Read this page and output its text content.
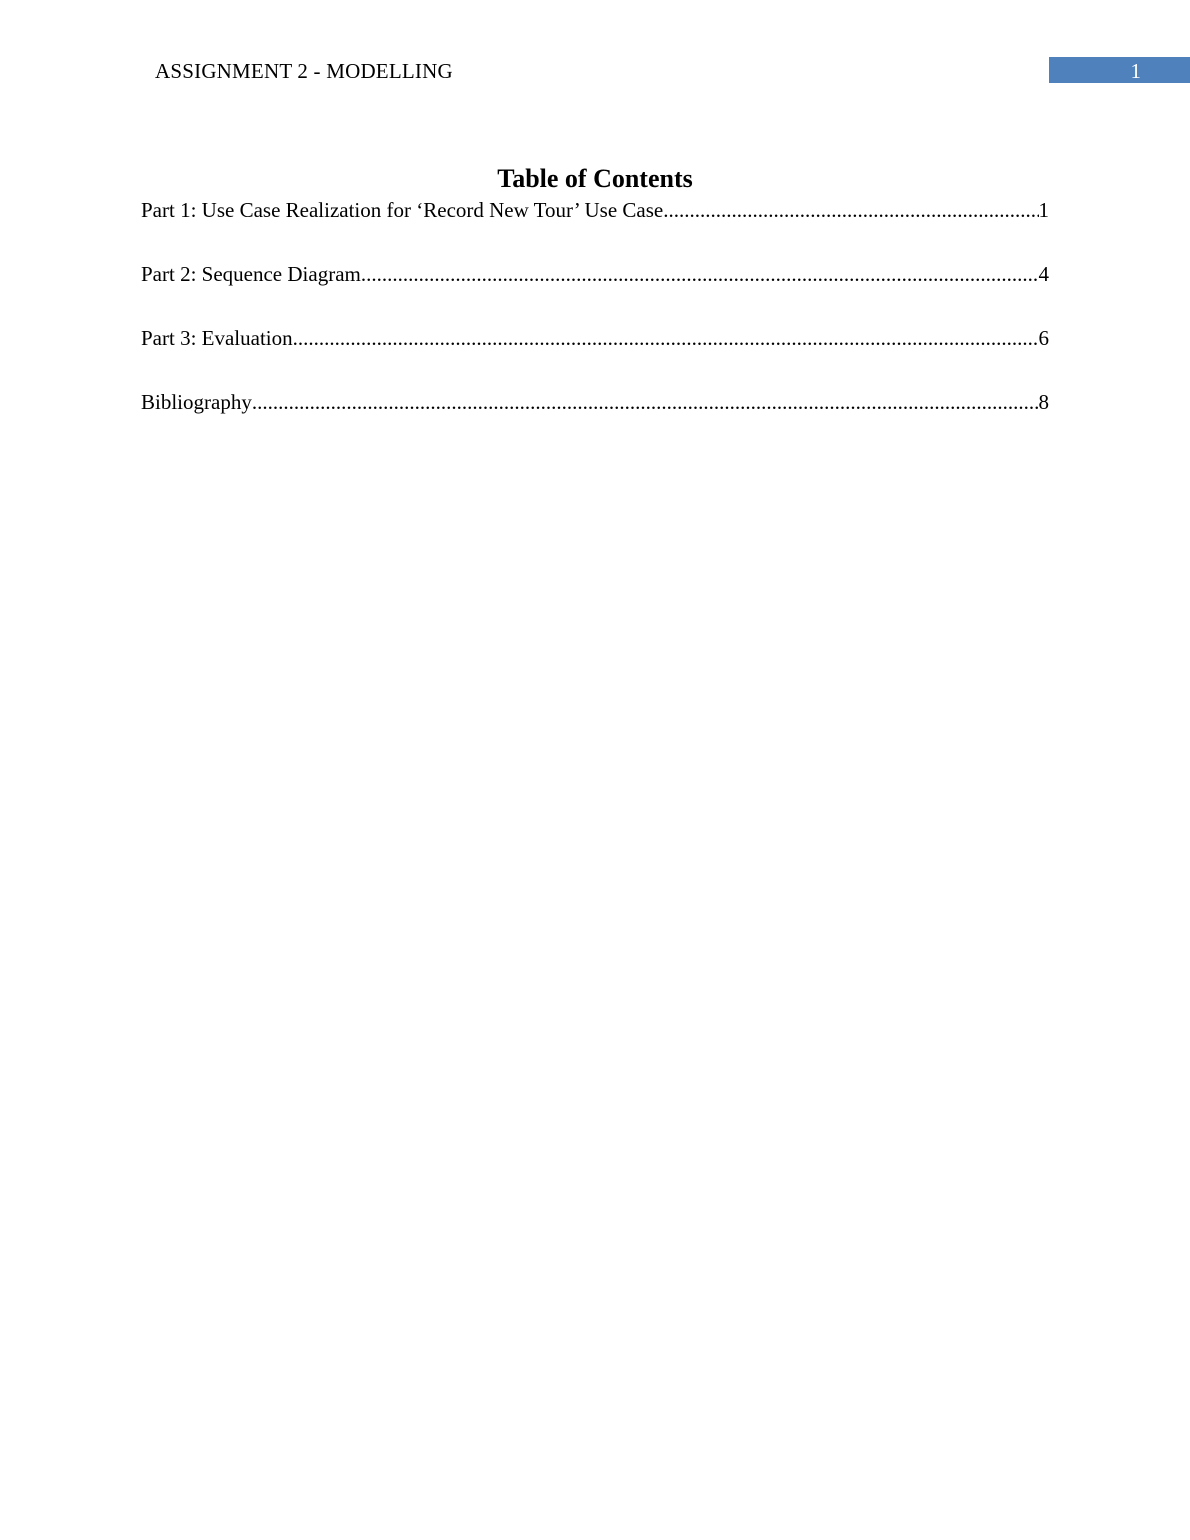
ASSIGNMENT 2 - MODELLING	1
Table of Contents
Part 1: Use Case Realization for ‘Record New Tour’ Use Case .....	1
Part 2: Sequence Diagram .....	4
Part 3: Evaluation .....	6
Bibliography .....	8
